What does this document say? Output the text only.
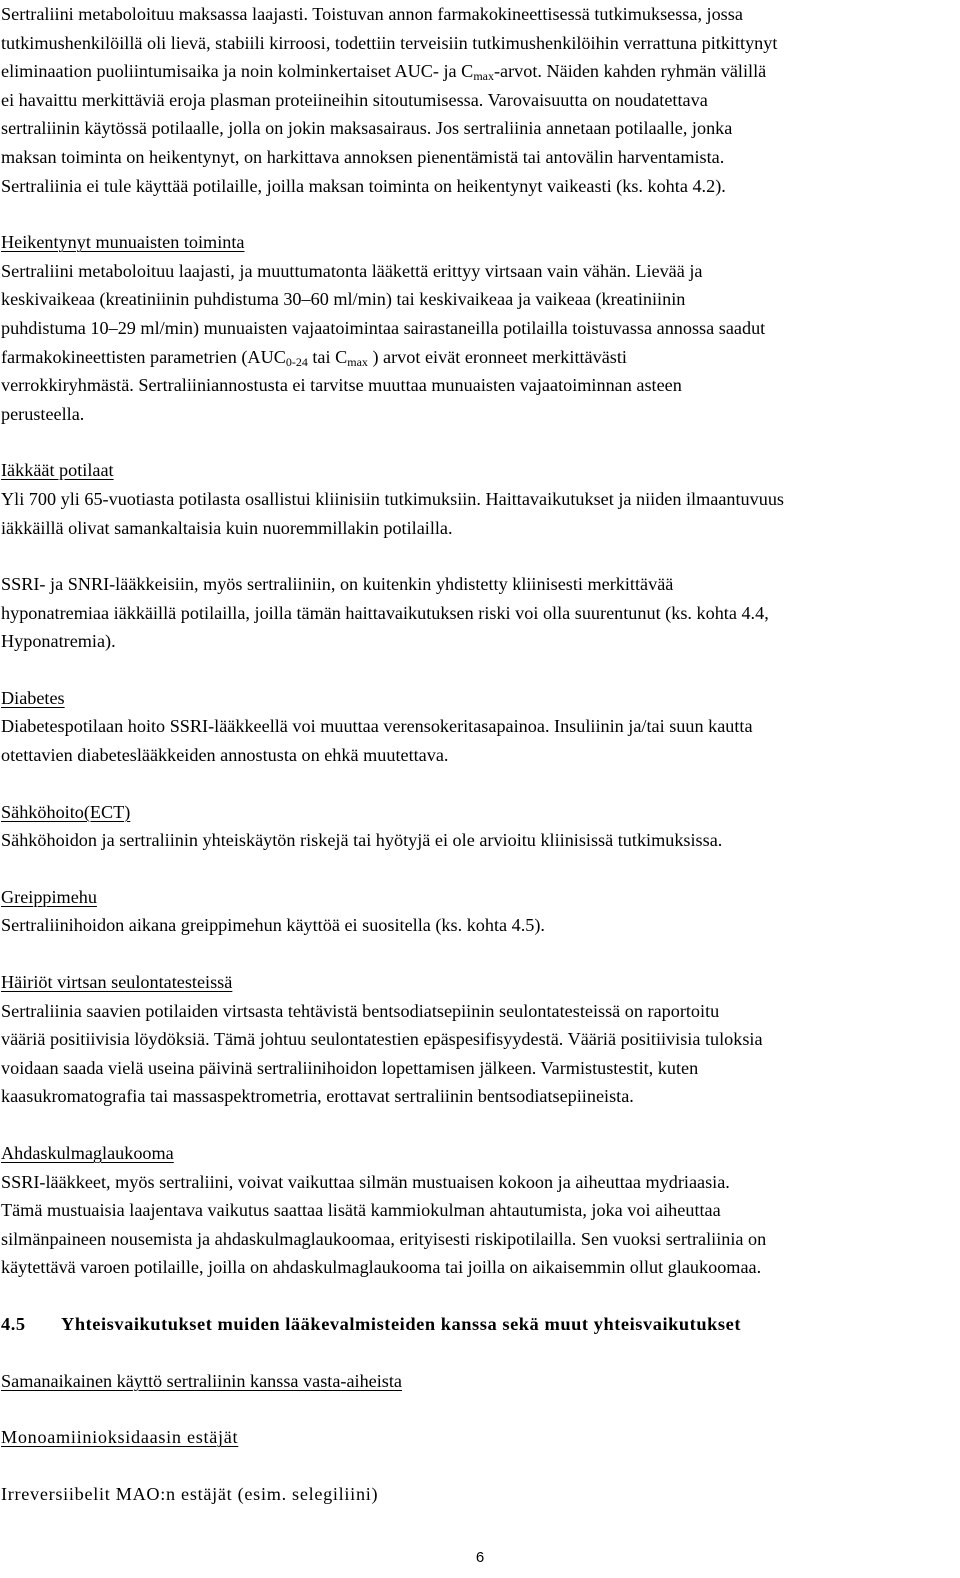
Sertraliini metaboloituu maksassa laajasti. Toistuvan annon farmakokineettisessä tutkimuksessa, jossa
tutkimushenkilöillä oli lievä, stabiili kirroosi, todettiin terveisiin tutkimushenkilöihin verrattuna pitkittynyt
eliminaation puoliintumisaika ja noin kolminkertaiset AUC- ja $C_{max}$-arvot. Näiden kahden ryhmän välillä
ei havaittu merkittäviä eroja plasman proteiineihin sitoutumisessa. Varovaisuutta on noudatettava
sertraliinin käytössä potilaalle, jolla on jokin maksasairaus. Jos sertraliinia annetaan potilaalle, jonka
maksan toiminta on heikentynyt, on harkittava annoksen pienentämistä tai antovälin harventamista.
Sertraliinia ei tule käyttää potilaille, joilla maksan toiminta on heikentynyt vaikeasti (ks. kohta 4.2).

Heikentynyt munuaisten toiminta
Sertraliini metaboloituu laajasti, ja muuttumatonta lääkettä erittyy virtsaan vain vähän. Lievää ja
keskivaikeaa (kreatiniinin puhdistuma 30–60 ml/min) tai keskivaikeaa ja vaikeaa (kreatiniinin
puhdistuma 10–29 ml/min) munuaisten vajaatoimintaa sairastaneilla potilailla toistuvassa annossa saadut
farmakokineettisten parametrien ($AUC_{0-24}$ tai $C_{max}$ ) arvot eivät eronneet merkittävästi
verrokkiryhmästä. Sertraliiniannostusta ei tarvitse muuttaa munuaisten vajaatoiminnan asteen
perusteella.

Iäkkäät potilaat
Yli 700 yli 65-vuotiasta potilasta osallistui kliinisiin tutkimuksiin. Haittavaikutukset ja niiden ilmaantuvuus
iäkkäillä olivat samankaltaisia kuin nuoremmillakin potilailla.

SSRI- ja SNRI-lääkkeisiin, myös sertraliiniin, on kuitenkin yhdistetty kliinisesti merkittävää
hyponatremiaa iäkkäillä potilailla, joilla tämän haittavaikutuksen riski voi olla suurentunut (ks. kohta 4.4,
Hyponatremia).

Diabetes
Diabetespotilaan hoito SSRI-lääkkeellä voi muuttaa verensokeritasapainoa. Insuliinin ja/tai suun kautta
otettavien diabeteslääkkeiden annostusta on ehkä muutettava.

Sähköhoito(ECT)
Sähköhoidon ja sertraliinin yhteiskäytön riskejä tai hyötyjä ei ole arvioitu kliinisissä tutkimuksissa.

Greippimehu
Sertraliinihoidon aikana greippimehun käyttöä ei suositella (ks. kohta 4.5).

Häiriöt virtsan seulontatesteissä
Sertraliinia saavien potilaiden virtsasta tehtävistä bentsodiatsepiinin seulontatesteissä on raportoitu
vääriä positiivisia löydöksiä. Tämä johtuu seulontatestien epäspesifisyydestä. Vääriä positiivisia tuloksia
voidaan saada vielä useina päivinä sertraliinihoidon lopettamisen jälkeen. Varmistustestit, kuten
kaasukromatografia tai massaspektrometria, erottavat sertraliinin bentsodiatsepiineista.

Ahdaskulmaglaukooma
SSRI-lääkkeet, myös sertraliini, voivat vaikuttaa silmän mustuaisen kokoon ja aiheuttaa mydriaasia.
Tämä mustuaisia laajentava vaikutus saattaa lisätä kammiokulman ahtautumista, joka voi aiheuttaa
silmänpaineen nousemista ja ahdaskulmaglaukoomaa, erityisesti riskipotilailla. Sen vuoksi sertraliinia on
käytettävä varoen potilaille, joilla on ahdaskulmaglaukooma tai joilla on aikaisemmin ollut glaukoomaa.

4.5 Yhteisvaikutukset muiden lääkevalmisteiden kanssa sekä muut yhteisvaikutukset

Samanaikainen käyttö sertraliinin kanssa vasta-aiheista

Monoamiinioksidaasin estäjät

Irreversiibelit MAO:n estäjät (esim. selegiliini)

6
